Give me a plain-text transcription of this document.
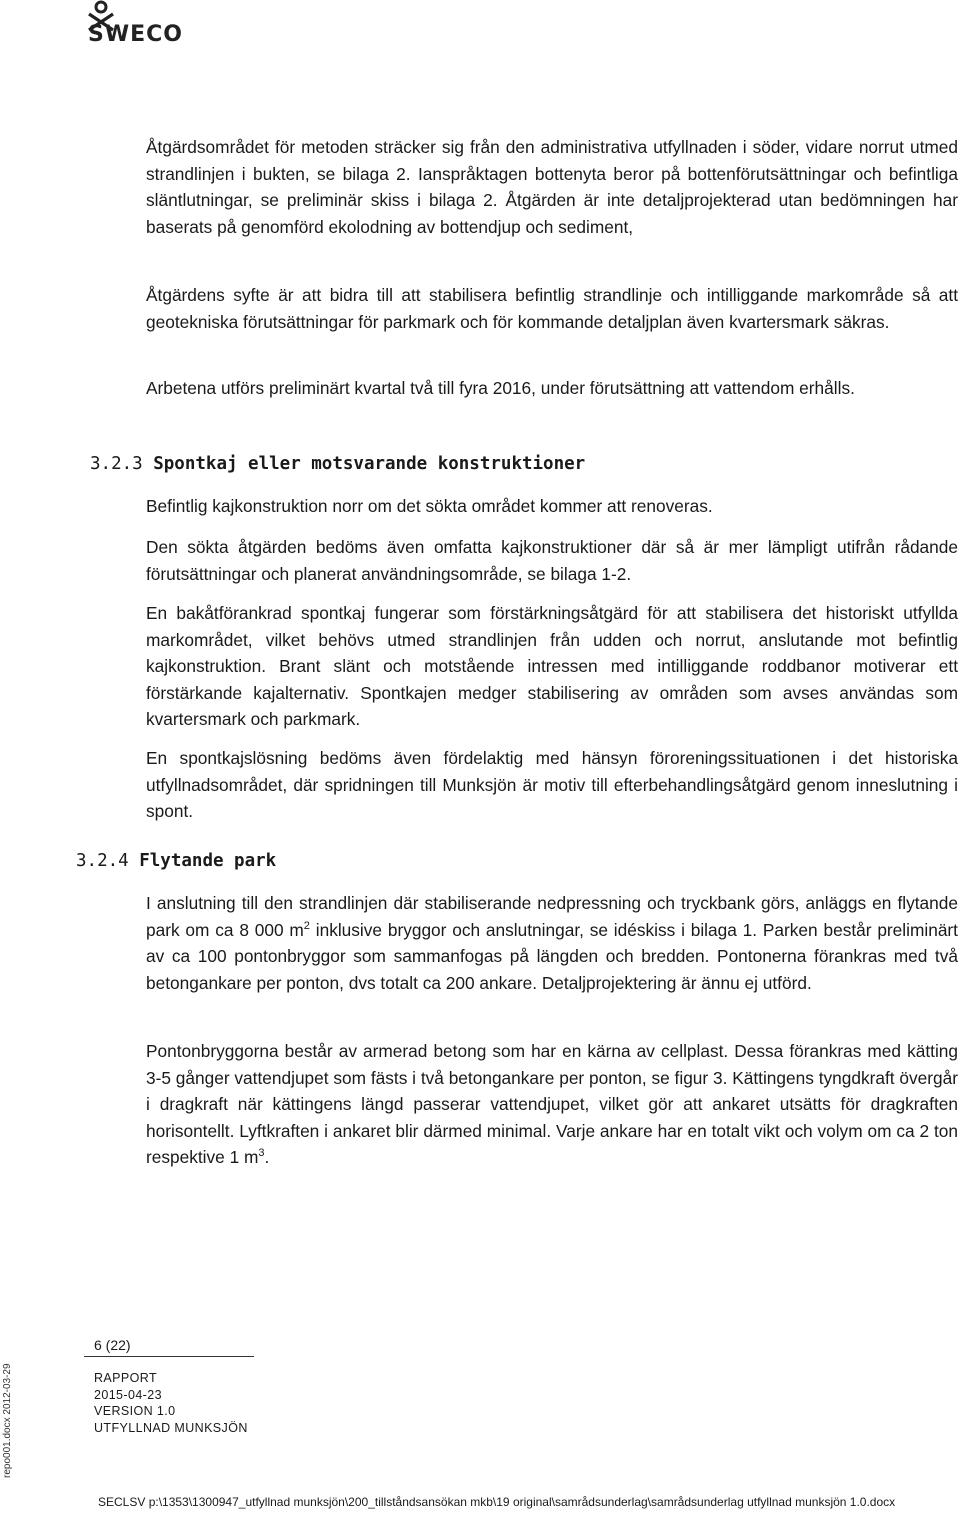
SWECO

Åtgärdsområdet för metoden sträcker sig från den administrativa utfyllnaden i söder, vidare norrut utmed strandlinjen i bukten, se bilaga 2. Ianspråktagen bottenyta beror på bottenförutsättningar och befintliga släntlutningar, se preliminär skiss i bilaga 2. Åtgärden är inte detaljprojekterad utan bedömningen har baserats på genomförd ekolodning av bottendjup och sediment,

Åtgärdens syfte är att bidra till att stabilisera befintlig strandlinje och intilliggande markområde så att geotekniska förutsättningar för parkmark och för kommande detaljplan även kvartersmark säkras.

Arbetena utförs preliminärt kvartal två till fyra 2016, under förutsättning att vattendom erhålls.

3.2.3 Spontkaj eller motsvarande konstruktioner

Befintlig kajkonstruktion norr om det sökta området kommer att renoveras.

Den sökta åtgärden bedöms även omfatta kajkonstruktioner där så är mer lämpligt utifrån rådande förutsättningar och planerat användningsområde, se bilaga 1-2.

En bakåtförankrad spontkaj fungerar som förstärkningsåtgärd för att stabilisera det historiskt utfyllda markområdet, vilket behövs utmed strandlinjen från udden och norrut, anslutande mot befintlig kajkonstruktion. Brant slänt och motstående intressen med intilliggande roddbanor motiverar ett förstärkande kajalternativ. Spontkajen medger stabilisering av områden som avses användas som kvartersmark och parkmark.

En spontkajslösning bedöms även fördelaktig med hänsyn föroreningssituationen i det historiska utfyllnadsområdet, där spridningen till Munksjön är motiv till efterbehandlingsåtgärd genom inneslutning i spont.

3.2.4 Flytande park

I anslutning till den strandlinjen där stabiliserande nedpressning och tryckbank görs, anläggs en flytande park om ca 8 000 $m^2$ inklusive bryggor och anslutningar, se idéskiss i bilaga 1. Parken består preliminärt av ca 100 pontonbryggor som sammanfogas på längden och bredden. Pontonerna förankras med två betongankare per ponton, dvs totalt ca 200 ankare. Detaljprojektering är ännu ej utförd.

Pontonbryggorna består av armerad betong som har en kärna av cellplast. Dessa förankras med kätting 3-5 gånger vattendjupet som fästs i två betongankare per ponton, se figur 3. Kättingens tyngdkraft övergår i dragkraft när kättingens längd passerar vattendjupet, vilket gör att ankaret utsätts för dragkraften horisontellt. Lyftkraften i ankaret blir därmed minimal. Varje ankare har en totalt vikt och volym om ca 2 ton respektive 1 $m^3$.

6 (22)
RAPPORT
2015-04-23
VERSION 1.0
UTFYLLNAD MUNKSJÖN
repo001.docx 2012-03-29
SECLSV p:\1353\1300947_utfyllnad munksjön\200_tillståndsansökan mkb\19 original\samrådsunderlag\samrådsunderlag utfyllnad munksjön 1.0.docx
